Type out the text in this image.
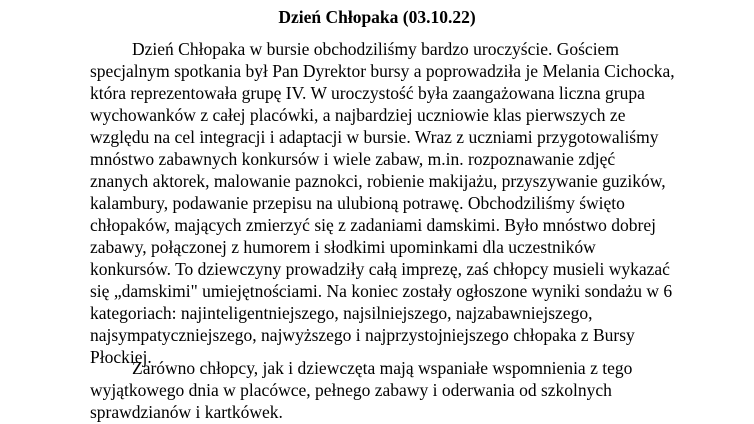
Dzień Chłopaka (03.10.22)

Dzień Chłopaka w bursie obchodziliśmy bardzo uroczyście. Gościem
specjalnym spotkania był Pan Dyrektor bursy a poprowadziła je Melania Cichocka,
która reprezentowała grupę IV. W uroczystość była zaangażowana liczna grupa
wychowanków z całej placówki, a najbardziej uczniowie klas pierwszych ze
względu na cel integracji i adaptacji w bursie. Wraz z uczniami przygotowaliśmy
mnóstwo zabawnych konkursów i wiele zabaw, m.in. rozpoznawanie zdjęć
znanych aktorek, malowanie paznokci, robienie makijażu, przyszywanie guzików,
kalambury, podawanie przepisu na ulubioną potrawę. Obchodziliśmy święto
chłopaków, mających zmierzyć się z zadaniami damskimi. Było mnóstwo dobrej
zabawy, połączonej z humorem i słodkimi upominkami dla uczestników
konkursów. To dziewczyny prowadziły całą imprezę, zaś chłopcy musieli wykazać
się „damskimi" umiejętnościami. Na koniec zostały ogłoszone wyniki sondażu w 6
kategoriach: najinteligentniejszego, najsilniejszego, najzabawniejszego,
najsympatyczniejszego, najwyższego i najprzystojniejszego chłopaka z Bursy
Płockiej.

Zarówno chłopcy, jak i dziewczęta mają wspaniałe wspomnienia z tego
wyjątkowego dnia w placówce, pełnego zabawy i oderwania od szkolnych
sprawdzianów i kartkówek.
